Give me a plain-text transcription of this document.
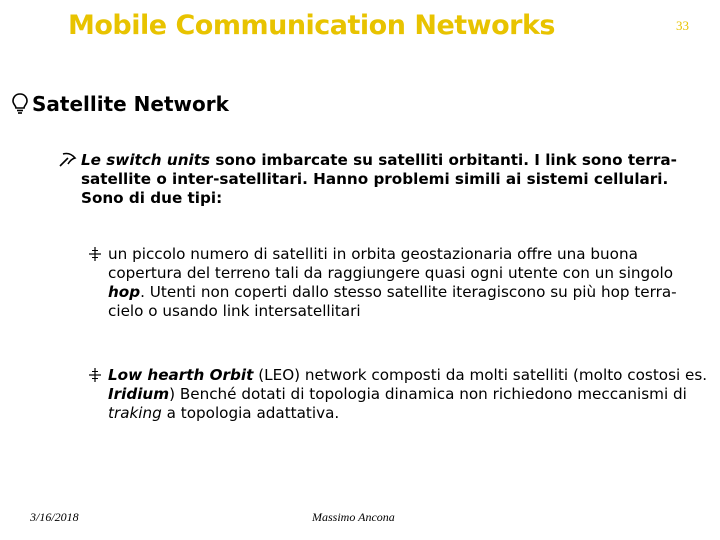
Mobile Communication Networks	33
Satellite Network
Le switch units sono imbarcate su satelliti orbitanti. I link sono terra-satellite o inter-satellitari. Hanno problemi simili ai sistemi cellulari. Sono di due tipi:
un piccolo numero di satelliti in orbita geostazionaria offre una buona copertura del terreno tali da raggiungere quasi ogni utente con un singolo hop. Utenti non coperti dallo stesso satellite iteragiscono su più hop terra-cielo o usando link intersatellitari
Low hearth Orbit (LEO) network composti da molti satelliti (molto costosi es. Iridium) Benché dotati di topologia dinamica non richiedono meccanismi di traking a topologia adattativa.
3/16/2018	Massimo Ancona
